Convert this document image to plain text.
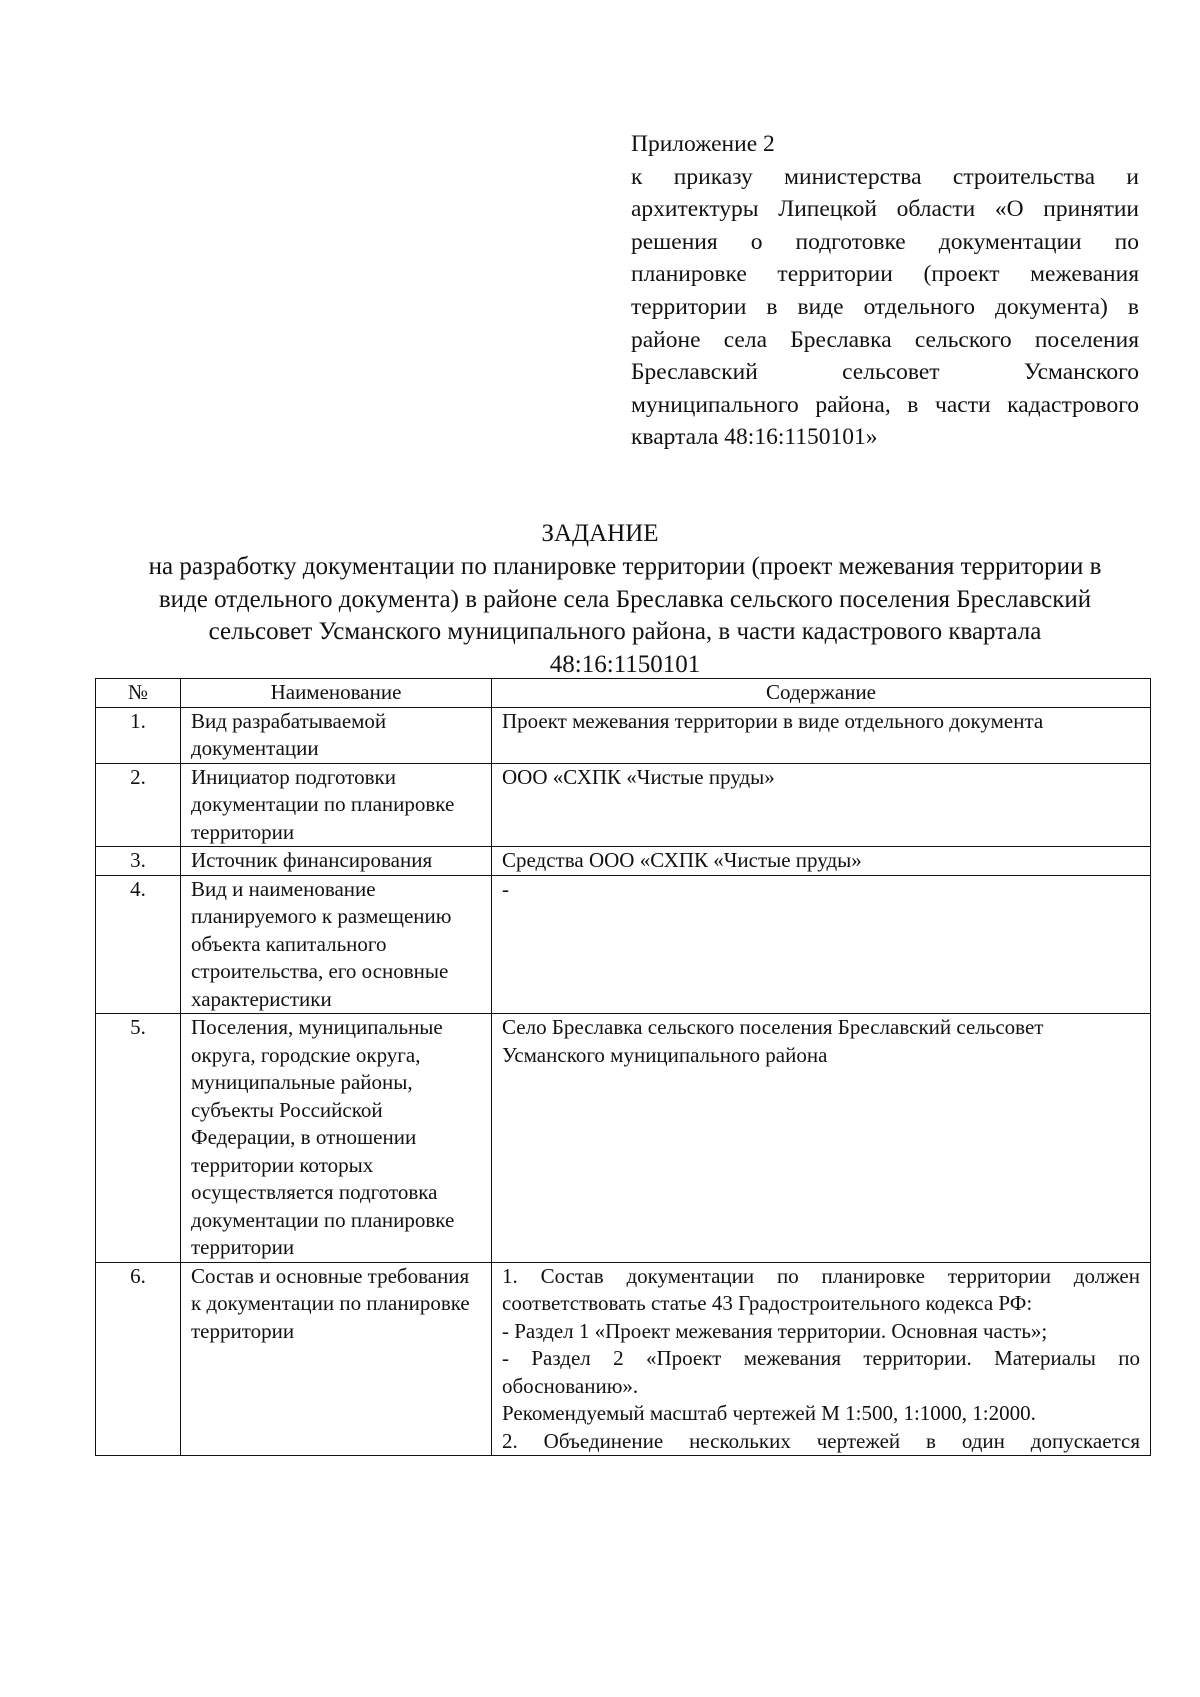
Приложение 2
к приказу министерства строительства и архитектуры Липецкой области «О принятии решения о подготовке документации по планировке территории (проект межевания территории в виде отдельного документа) в районе села Бреславка сельского поселения Бреславский сельсовет Усманского муниципального района, в части кадастрового квартала 48:16:1150101»
ЗАДАНИЕ
на разработку документации по планировке территории (проект межевания территории в виде отдельного документа) в районе села Бреславка сельского поселения Бреславский сельсовет Усманского муниципального района, в части кадастрового квартала 48:16:1150101
№	Наименование	Содержание
1.	Вид разрабатываемой документации	Проект межевания территории в виде отдельного документа
2.	Инициатор подготовки документации по планировке территории	ООО «СХПК «Чистые пруды»
3.	Источник финансирования	Средства ООО «СХПК «Чистые пруды»
4.	Вид и наименование планируемого к размещению объекта капитального строительства, его основные характеристики	-
5.	Поселения, муниципальные округа, городские округа, муниципальные районы, субъекты Российской Федерации, в отношении территории которых осуществляется подготовка документации по планировке территории	Село Бреславка сельского поселения Бреславский сельсовет Усманского муниципального района
6.	Состав и основные требования к документации по планировке территории	1. Состав документации по планировке территории должен соответствовать статье 43 Градостроительного кодекса РФ:
- Раздел 1 «Проект межевания территории. Основная часть»;
- Раздел 2 «Проект межевания территории. Материалы по обоснованию».
Рекомендуемый масштаб чертежей М 1:500, 1:1000, 1:2000.
2. Объединение нескольких чертежей в один допускается
